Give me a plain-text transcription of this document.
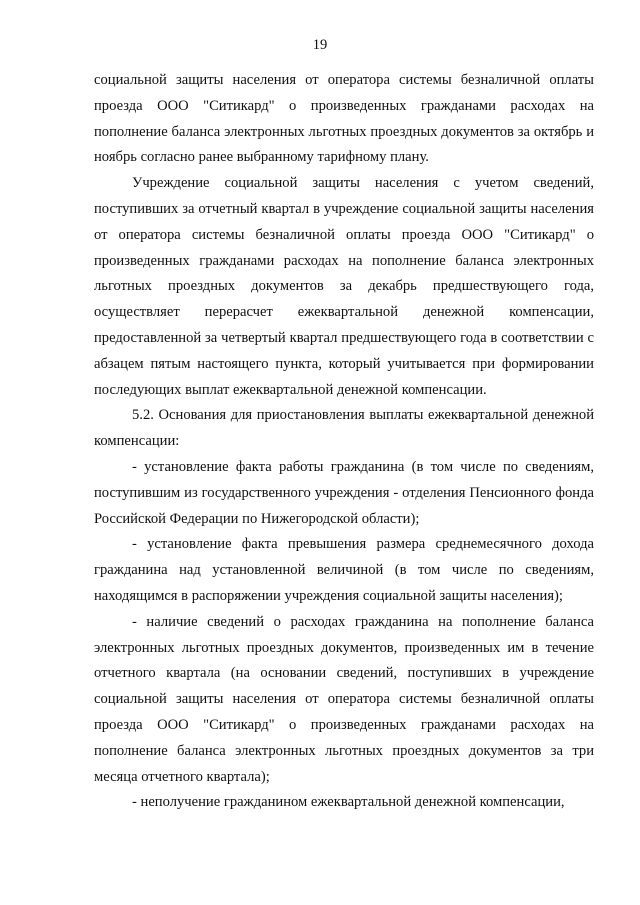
19

социальной защиты населения от оператора системы безналичной оплаты проезда ООО "Ситикард" о произведенных гражданами расходах на пополнение баланса электронных льготных проездных документов за октябрь и ноябрь согласно ранее выбранному тарифному плану.

Учреждение социальной защиты населения с учетом сведений, поступивших за отчетный квартал в учреждение социальной защиты населения от оператора системы безналичной оплаты проезда ООО "Ситикард" о произведенных гражданами расходах на пополнение баланса электронных льготных проездных документов за декабрь предшествующего года, осуществляет перерасчет ежеквартальной денежной компенсации, предоставленной за четвертый квартал предшествующего года в соответствии с абзацем пятым настоящего пункта, который учитывается при формировании последующих выплат ежеквартальной денежной компенсации.

5.2. Основания для приостановления выплаты ежеквартальной денежной компенсации:

- установление факта работы гражданина (в том числе по сведениям, поступившим из государственного учреждения - отделения Пенсионного фонда Российской Федерации по Нижегородской области);

- установление факта превышения размера среднемесячного дохода гражданина над установленной величиной (в том числе по сведениям, находящимся в распоряжении учреждения социальной защиты населения);

- наличие сведений о расходах гражданина на пополнение баланса электронных льготных проездных документов, произведенных им в течение отчетного квартала (на основании сведений, поступивших в учреждение социальной защиты населения от оператора системы безналичной оплаты проезда ООО "Ситикард" о произведенных гражданами расходах на пополнение баланса электронных льготных проездных документов за три месяца отчетного квартала);

- неполучение гражданином ежеквартальной денежной компенсации,
